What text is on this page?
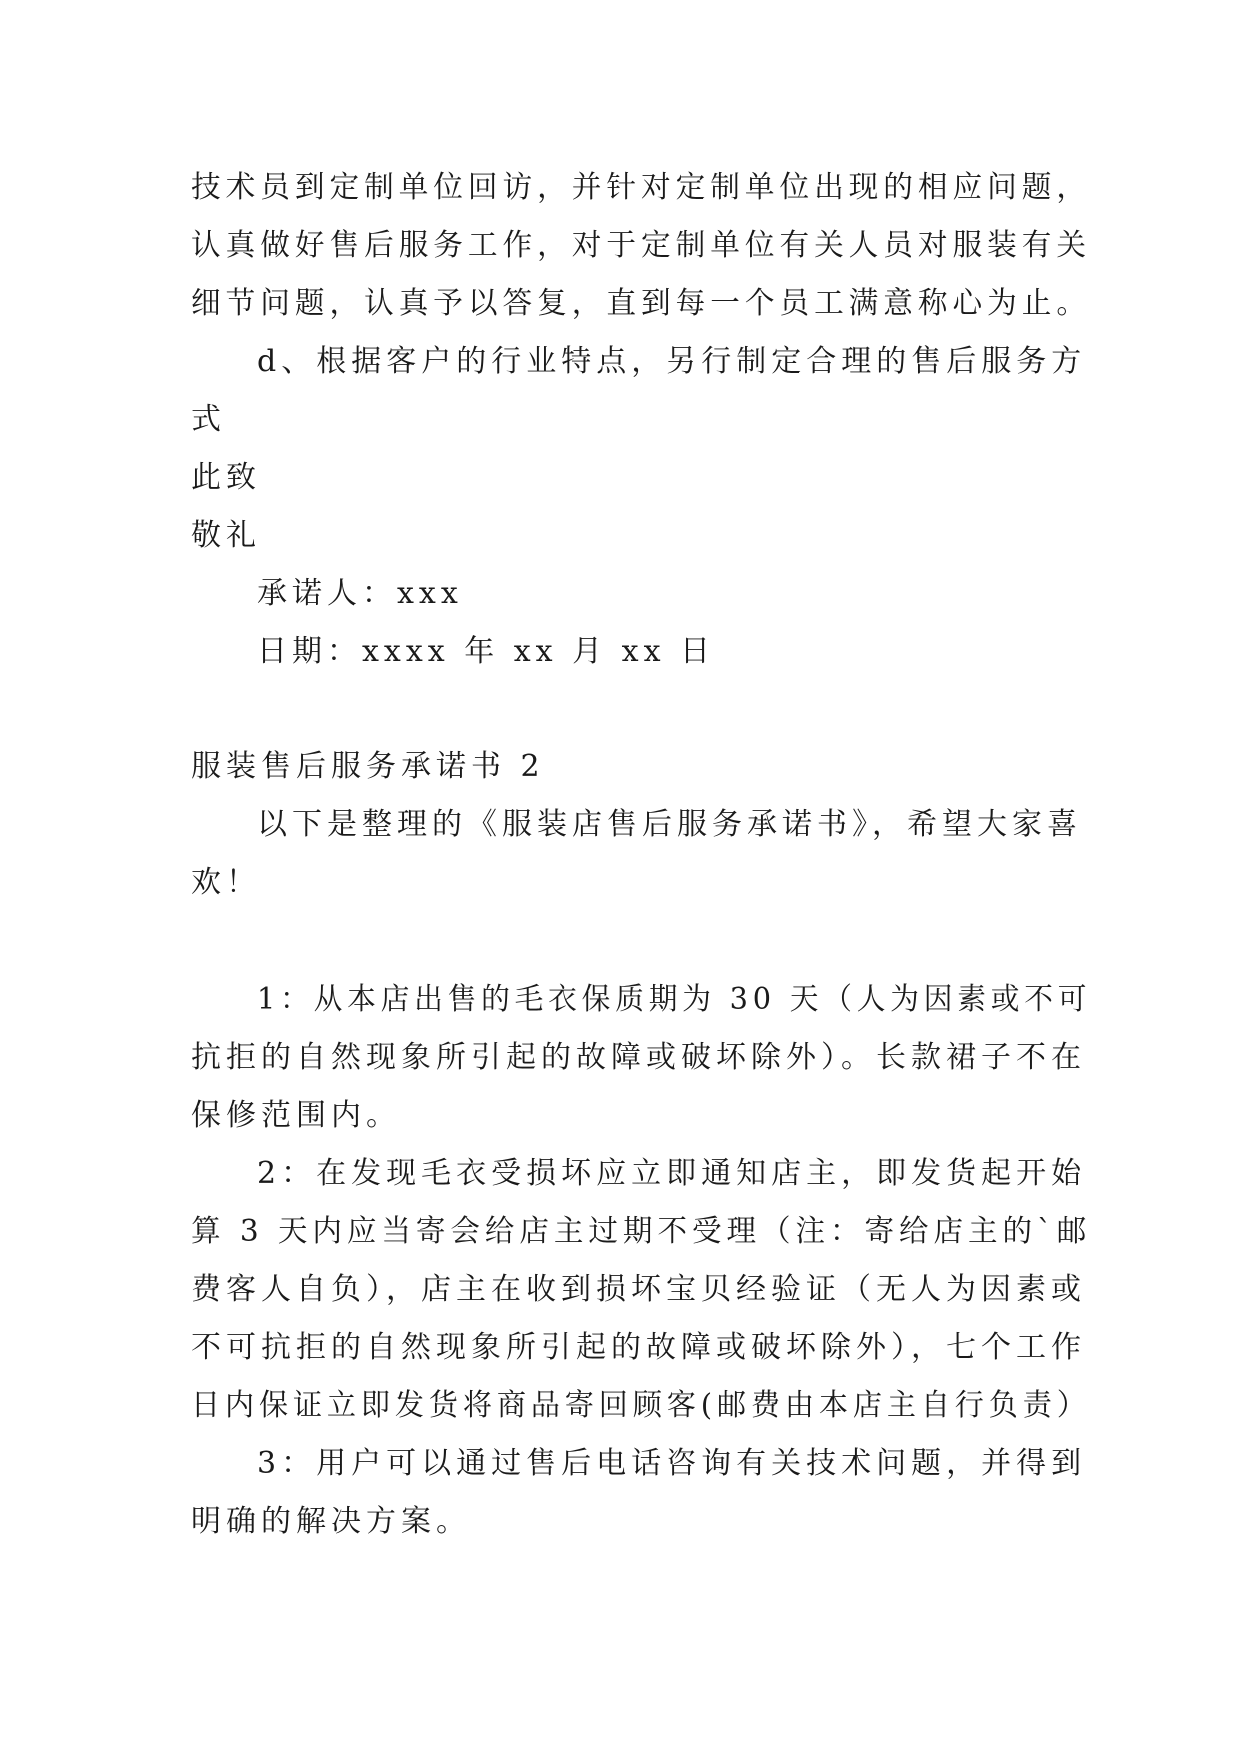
技术员到定制单位回访，并针对定制单位出现的相应问题，
认真做好售后服务工作，对于定制单位有关人员对服装有关
细节问题，认真予以答复，直到每一个员工满意称心为止。
d、根据客户的行业特点，另行制定合理的售后服务方
式
此致
敬礼
承诺人：xxx
日期：xxxx 年 xx 月 xx 日
服装售后服务承诺书 2
以下是整理的《服装店售后服务承诺书》，希望大家喜
欢！
1：从本店出售的毛衣保质期为 30 天（人为因素或不可
抗拒的自然现象所引起的故障或破坏除外）。长款裙子不在
保修范围内。
2：在发现毛衣受损坏应立即通知店主，即发货起开始
算 3 天内应当寄会给店主过期不受理（注：寄给店主的`邮
费客人自负），店主在收到损坏宝贝经验证（无人为因素或
不可抗拒的自然现象所引起的故障或破坏除外），七个工作
日内保证立即发货将商品寄回顾客(邮费由本店主自行负责）
3：用户可以通过售后电话咨询有关技术问题，并得到
明确的解决方案。
